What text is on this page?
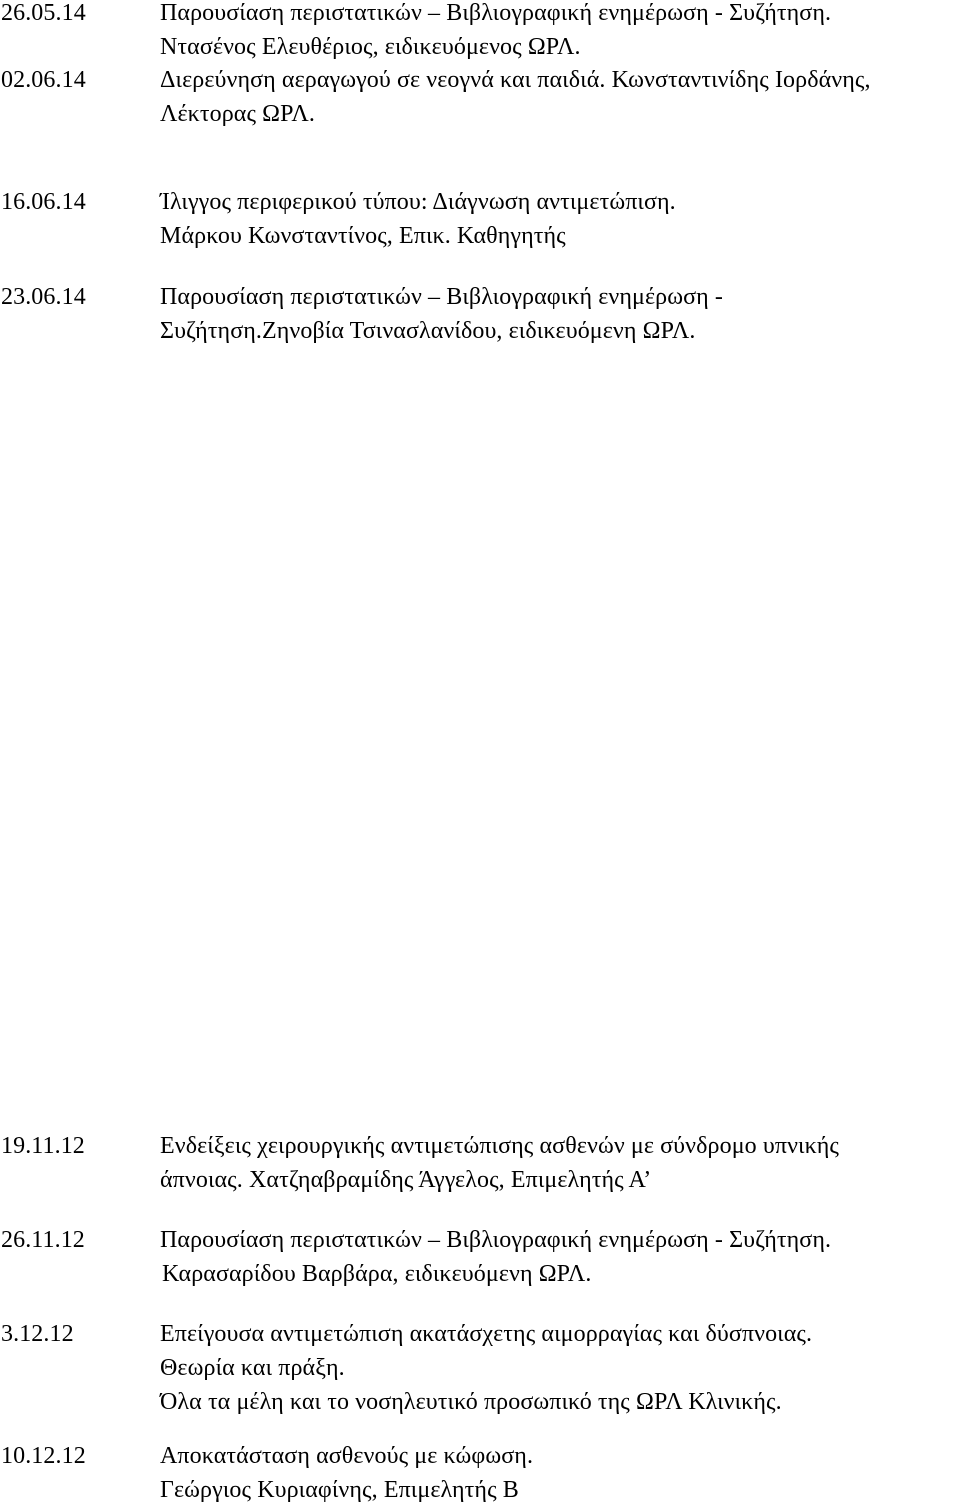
26.05.14	Παρουσίαση περιστατικών – Βιβλιογραφική ενημέρωση - Συζήτηση.
Ντασένος Ελευθέριος, ειδικευόμενος ΩΡΛ.
02.06.14	Διερεύνηση αεραγωγού σε νεογνά και παιδιά. Κωνσταντινίδης Ιορδάνης,
Λέκτορας ΩΡΛ.
16.06.14	Ίλιγγος περιφερικού τύπου: Διάγνωση αντιμετώπιση.
Μάρκου Κωνσταντίνος, Επικ. Καθηγητής
23.06.14	Παρουσίαση περιστατικών – Βιβλιογραφική ενημέρωση -
Συζήτηση.Ζηνοβία Τσινασλανίδου, ειδικευόμενη ΩΡΛ.
19.11.12	Ενδείξεις χειρουργικής αντιμετώπισης ασθενών με σύνδρομο υπνικής
άπνοιας. Χατζηαβραμίδης Άγγελος, Επιμελητής Α’
26.11.12	Παρουσίαση περιστατικών – Βιβλιογραφική ενημέρωση - Συζήτηση.
Καρασαρίδου Βαρβάρα, ειδικευόμενη ΩΡΛ.
3.12.12	Επείγουσα αντιμετώπιση ακατάσχετης αιμορραγίας και δύσπνοιας.
Θεωρία και πράξη.
Όλα τα μέλη και το νοσηλευτικό προσωπικό της ΩΡΛ Κλινικής.
10.12.12	Αποκατάσταση ασθενούς με κώφωση.
Γεώργιος Κυριαφίνης, Επιμελητής Β
